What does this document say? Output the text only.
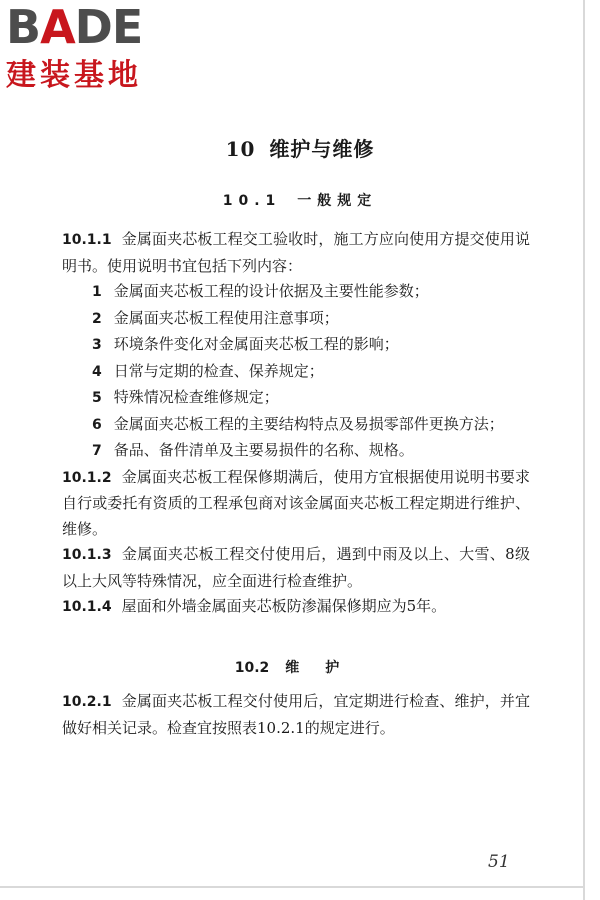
BADE
建装基地
10 维护与维修
10.1 一般规定

10.1.1 金属面夹芯板工程交工验收时，施工方应向使用方提交使用说明书。使用说明书宜包括下列内容：

1 金属面夹芯板工程的设计依据及主要性能参数；

2 金属面夹芯板工程使用注意事项；

3 环境条件变化对金属面夹芯板工程的影响；

4 日常与定期的检查、保养规定；

5 特殊情况检查维修规定；

6 金属面夹芯板工程的主要结构特点及易损零部件更换方法；

7 备品、备件清单及主要易损件的名称、规格。

10.1.2 金属面夹芯板工程保修期满后，使用方宜根据使用说明书要求自行或委托有资质的工程承包商对该金属面夹芯板工程定期进行维护、维修。

10.1.3 金属面夹芯板工程交付使用后，遇到中雨及以上、大雪、8级以上大风等特殊情况，应全面进行检查维护。

10.1.4 屋面和外墙金属面夹芯板防渗漏保修期应为5年。

10.2 维护

10.2.1 金属面夹芯板工程交付使用后，宜定期进行检查、维护，并宜做好相关记录。检查宜按照表10.2.1的规定进行。

51
